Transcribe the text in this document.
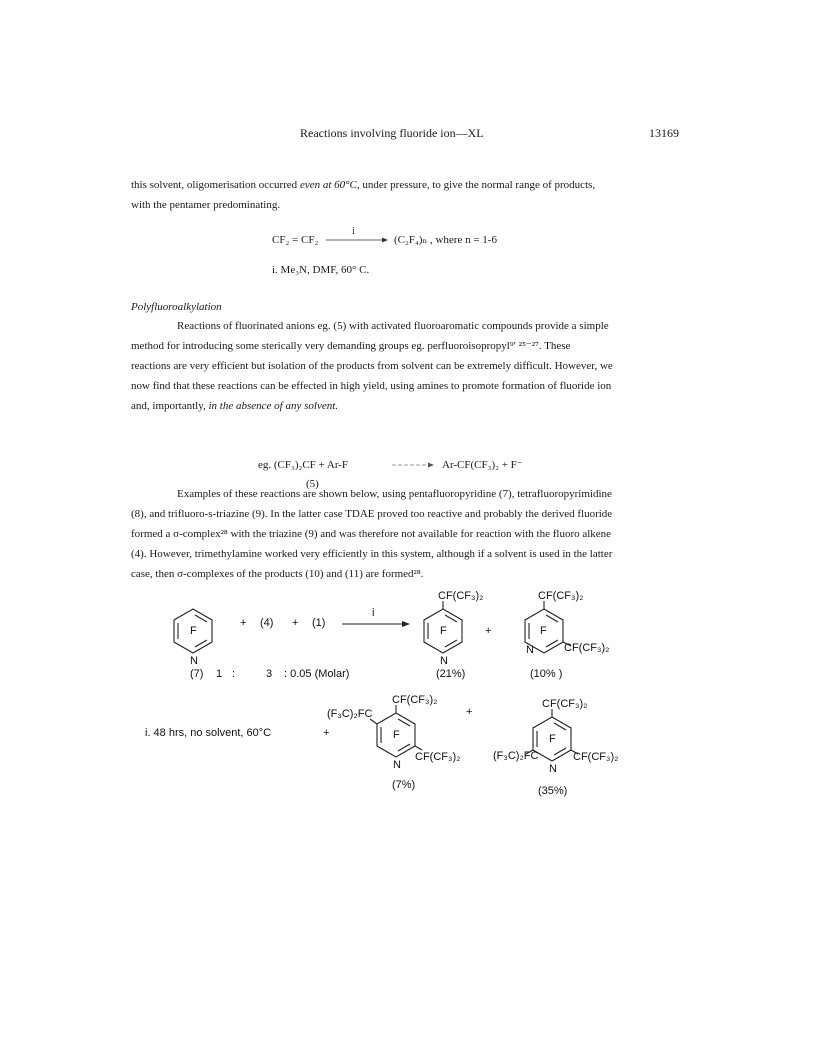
Reactions involving fluoride ion—XL	13169
this solvent, oligomerisation occurred even at 60°C, under pressure, to give the normal range of products,
with the pentamer predominating.
CF₂ = CF₂
i
(C₂F₄)ₙ , where n = 1-6
i. Me₃N, DMF, 60° C.
Polyfluoroalkylation
Reactions of fluorinated anions eg. (5) with activated fluoroaromatic compounds provide a simple
method for introducing some sterically very demanding groups eg. perfluoroisopropyl⁹′ ²⁵⁻²⁷. These
reactions are very efficient but isolation of the products from solvent can be extremely difficult. However, we
now find that these reactions can be effected in high yield, using amines to promote formation of fluoride ion
and, importantly, in the absence of any solvent.
eg. (CF₃)₂CF + Ar-F	Ar-CF(CF₃)₂ + F⁻
(5)
Examples of these reactions are shown below, using pentafluoropyridine (7), tetrafluoropyrimidine
(8), and trifluoro-s-triazine (9). In the latter case TDAE proved too reactive and probably the derived fluoride
formed a σ-complex²⁸ with the triazine (9) and was therefore not available for reaction with the fluoro alkene
(4). However, trimethylamine worked very efficiently in this system, although if a solvent is used in the latter
case, then σ-complexes of the products (10) and (11) are formed²⁸.
F
N
+ (4) + (1)
i
CF(CF₃)₂
F
N
+
CF(CF₃)₂
F
N	CF(CF₃)₂
(7) 1 :	3 : 0.05 (Molar)	(21%)	(10% )
CF(CF₃)₂
(F₃C)₂FC
i. 48 hrs, no solvent, 60°C	+	F
N
CF(CF₃)₂
+
(F₃C)₂FC
CF(CF₃)₂
F
N
CF(CF₃)₂
(7%)	(35%)
